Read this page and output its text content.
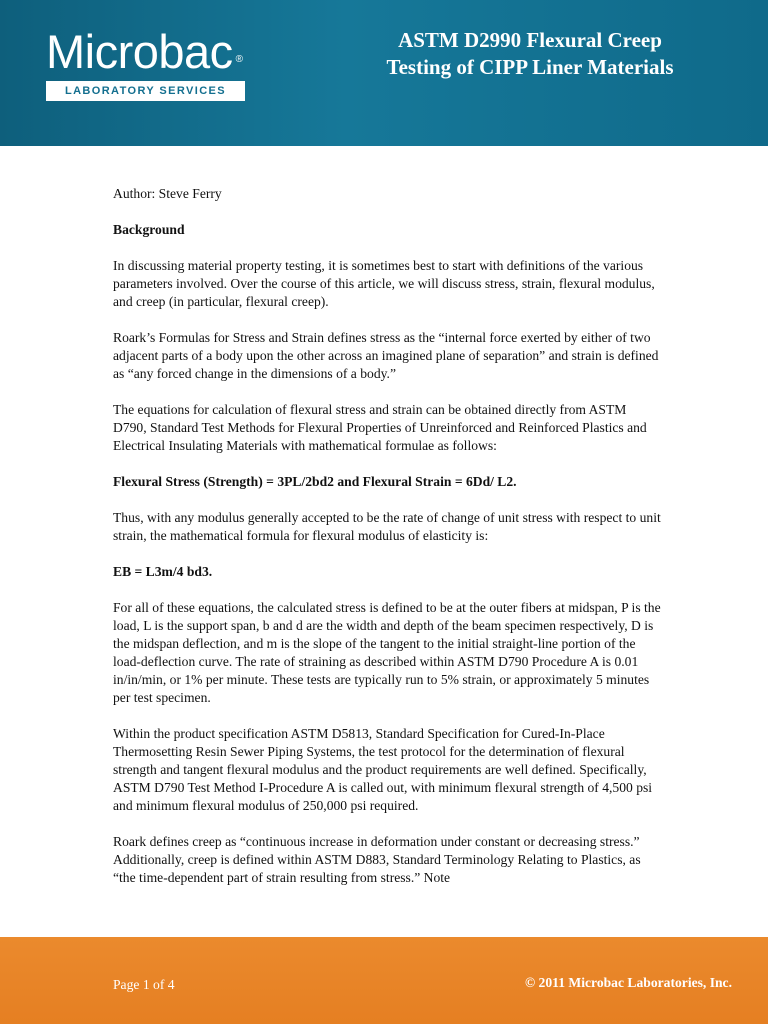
Microbac ®
LABORATORY SERVICES
ASTM D2990 Flexural Creep
Testing of CIPP Liner Materials

Author: Steve Ferry

Background

In discussing material property testing, it is sometimes best to start with definitions of the various parameters involved. Over the course of this article, we will discuss stress, strain, flexural modulus, and creep (in particular, flexural creep).

Roark’s Formulas for Stress and Strain defines stress as the “internal force exerted by either of two adjacent parts of a body upon the other across an imagined plane of separation” and strain is defined as “any forced change in the dimensions of a body.”

The equations for calculation of flexural stress and strain can be obtained directly from ASTM D790, Standard Test Methods for Flexural Properties of Unreinforced and Reinforced Plastics and Electrical Insulating Materials with mathematical formulae as follows:

Flexural Stress (Strength) = 3PL/2bd2 and Flexural Strain = 6Dd/ L2.

Thus, with any modulus generally accepted to be the rate of change of unit stress with respect to unit strain, the mathematical formula for flexural modulus of elasticity is:

EB = L3m/4 bd3.

For all of these equations, the calculated stress is defined to be at the outer fibers at midspan, P is the load, L is the support span, b and d are the width and depth of the beam specimen respectively, D is the midspan deflection, and m is the slope of the tangent to the initial straight-line portion of the load-deflection curve. The rate of straining as described within ASTM D790 Procedure A is 0.01 in/in/min, or 1% per minute. These tests are typically run to 5% strain, or approximately 5 minutes per test specimen.

Within the product specification ASTM D5813, Standard Specification for Cured-In-Place Thermosetting Resin Sewer Piping Systems, the test protocol for the determination of flexural strength and tangent flexural modulus and the product requirements are well defined. Specifically, ASTM D790 Test Method I-Procedure A is called out, with minimum flexural strength of 4,500 psi and minimum flexural modulus of 250,000 psi required.

Roark defines creep as “continuous increase in deformation under constant or decreasing stress.” Additionally, creep is defined within ASTM D883, Standard Terminology Relating to Plastics, as “the time-dependent part of strain resulting from stress.” Note

Page 1 of 4	© 2011 Microbac Laboratories, Inc.
